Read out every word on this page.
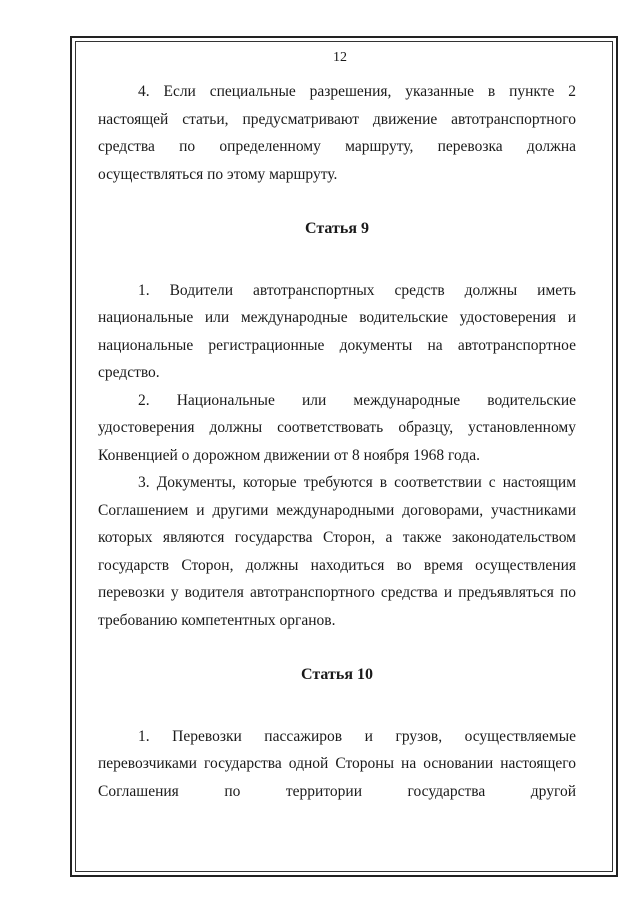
12

4. Если специальные разрешения, указанные в пункте 2 настоящей статьи, предусматривают движение автотранспортного средства по определенному маршруту, перевозка должна осуществляться по этому маршруту.

Статья 9

1. Водители автотранспортных средств должны иметь национальные или международные водительские удостоверения и национальные регистрационные документы на автотранспортное средство.

2. Национальные или международные водительские удостоверения должны соответствовать образцу, установленному Конвенцией о дорожном движении от 8 ноября 1968 года.

3. Документы, которые требуются в соответствии с настоящим Соглашением и другими международными договорами, участниками которых являются государства Сторон, а также законодательством государств Сторон, должны находиться во время осуществления перевозки у водителя автотранспортного средства и предъявляться по требованию компетентных органов.

Статья 10

1. Перевозки пассажиров и грузов, осуществляемые перевозчиками государства одной Стороны на основании настоящего Соглашения по территории государства другой
